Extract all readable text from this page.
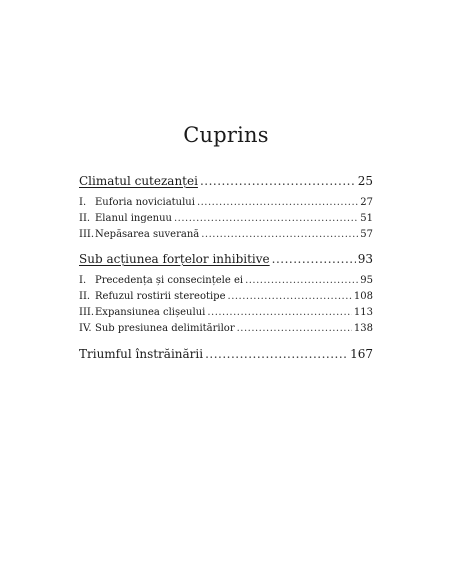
Cuprins
Climatul cutezanței .....	25
I. Euforia noviciatului .....	27
II. Elanul ingenuu .....	51
III. Nepăsarea suverană .....	57
Sub acțiunea forțelor inhibitive .....	93
I. Precedența și consecințele ei .....	95
II. Refuzul rostirii stereotipe .....	108
III. Expansiunea clișeului .....	113
IV. Sub presiunea delimitărilor .....	138
Triumful înstrăinării .....	167
